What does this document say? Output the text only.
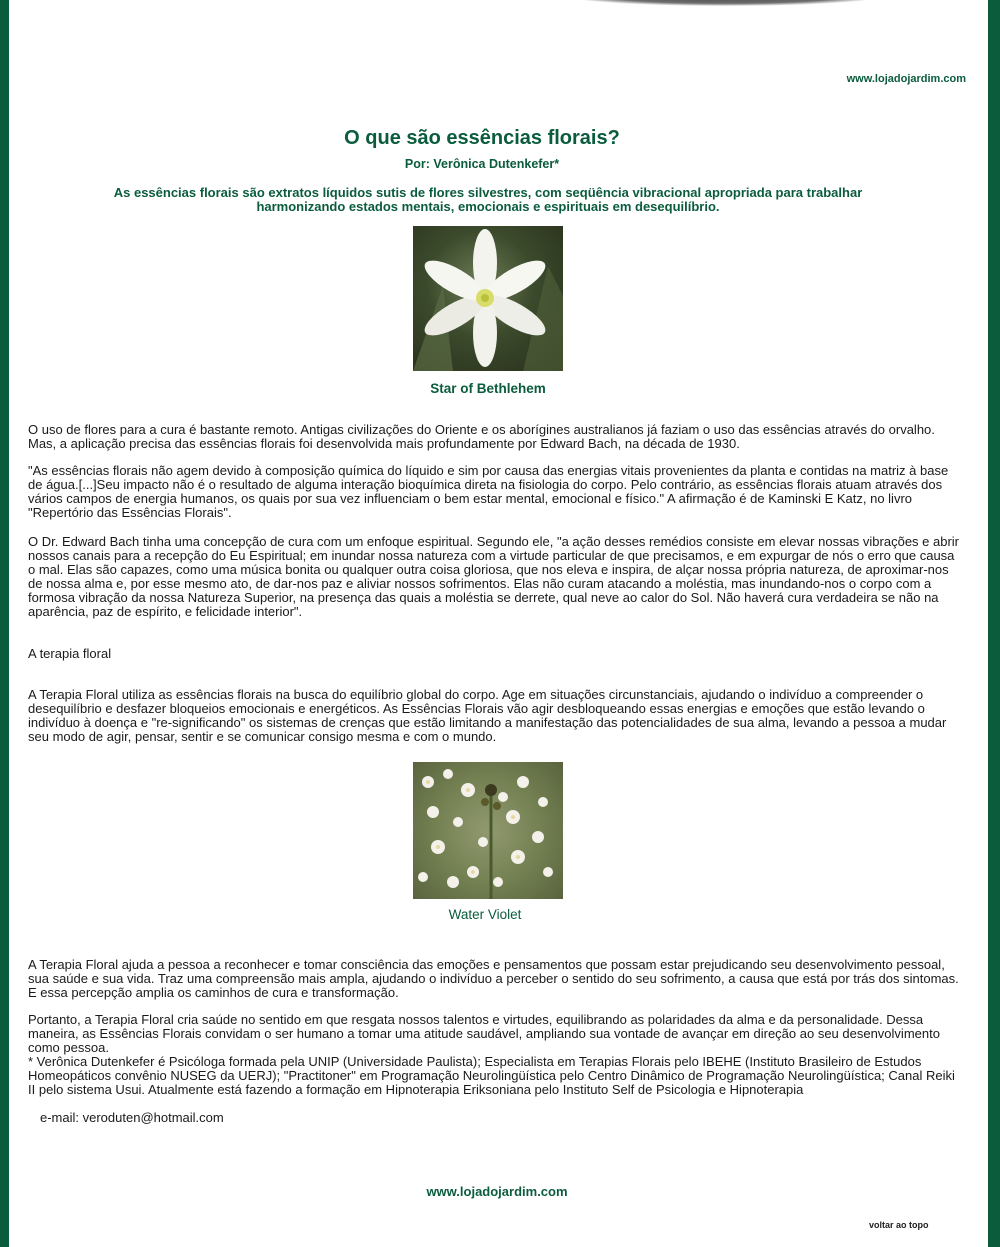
www.lojadojardim.com
O que são essências florais?
Por: Verônica Dutenkefer*
As essências florais são extratos líquidos sutis de flores silvestres, com seqüência vibracional apropriada para trabalhar harmonizando estados mentais, emocionais e espirituais em desequilíbrio.
Star of Bethlehem

O uso de flores para a cura é bastante remoto. Antigas civilizações do Oriente e os aborígines australianos já faziam o uso das essências através do orvalho. Mas, a aplicação precisa das essências florais foi desenvolvida mais profundamente por Edward Bach, na década de 1930.

"As essências florais não agem devido à composição química do líquido e sim por causa das energias vitais provenientes da planta e contidas na matriz à base de água.[...]Seu impacto não é o resultado de alguma interação bioquímica direta na fisiologia do corpo. Pelo contrário, as essências florais atuam através dos vários campos de energia humanos, os quais por sua vez influenciam o bem estar mental, emocional e físico." A afirmação é de Kaminski E Katz, no livro "Repertório das Essências Florais".

O Dr. Edward Bach tinha uma concepção de cura com um enfoque espiritual. Segundo ele, "a ação desses remédios consiste em elevar nossas vibrações e abrir nossos canais para a recepção do Eu Espiritual; em inundar nossa natureza com a virtude particular de que precisamos, e em expurgar de nós o erro que causa o mal. Elas são capazes, como uma música bonita ou qualquer outra coisa gloriosa, que nos eleva e inspira, de alçar nossa própria natureza, de aproximar-nos de nossa alma e, por esse mesmo ato, de dar-nos paz e aliviar nossos sofrimentos. Elas não curam atacando a moléstia, mas inundando-nos o corpo com a formosa vibração da nossa Natureza Superior, na presença das quais a moléstia se derrete, qual neve ao calor do Sol. Não haverá cura verdadeira se não na aparência, paz de espírito, e felicidade interior".

A terapia floral

A Terapia Floral utiliza as essências florais na busca do equilíbrio global do corpo. Age em situações circunstanciais, ajudando o indivíduo a compreender o desequilíbrio e desfazer bloqueios emocionais e energéticos. As Essências Florais vão agir desbloqueando essas energias e emoções que estão levando o indivíduo à doença e "re-significando" os sistemas de crenças que estão limitando a manifestação das potencialidades de sua alma, levando a pessoa a mudar seu modo de agir, pensar, sentir e se comunicar consigo mesma e com o mundo.

Water Violet

A Terapia Floral ajuda a pessoa a reconhecer e tomar consciência das emoções e pensamentos que possam estar prejudicando seu desenvolvimento pessoal, sua saúde e sua vida. Traz uma compreensão mais ampla, ajudando o indivíduo a perceber o sentido do seu sofrimento, a causa que está por trás dos sintomas. E essa percepção amplia os caminhos de cura e transformação.

Portanto, a Terapia Floral cria saúde no sentido em que resgata nossos talentos e virtudes, equilibrando as polaridades da alma e da personalidade. Dessa maneira, as Essências Florais convidam o ser humano a tomar uma atitude saudável, ampliando sua vontade de avançar em direção ao seu desenvolvimento como pessoa.

* Verônica Dutenkefer é Psicóloga formada pela UNIP (Universidade Paulista); Especialista em Terapias Florais pelo IBEHE (Instituto Brasileiro de Estudos Homeopáticos convênio NUSEG da UERJ); "Practitoner" em Programação Neurolingüística pelo Centro Dinâmico de Programação Neurolingüística; Canal Reiki II pelo sistema Usui. Atualmente está fazendo a formação em Hipnoterapia Eriksoniana pelo Instituto Self de Psicologia e Hipnoterapia

e-mail: veroduten@hotmail.com

www.lojadojardim.com
voltar ao topo
